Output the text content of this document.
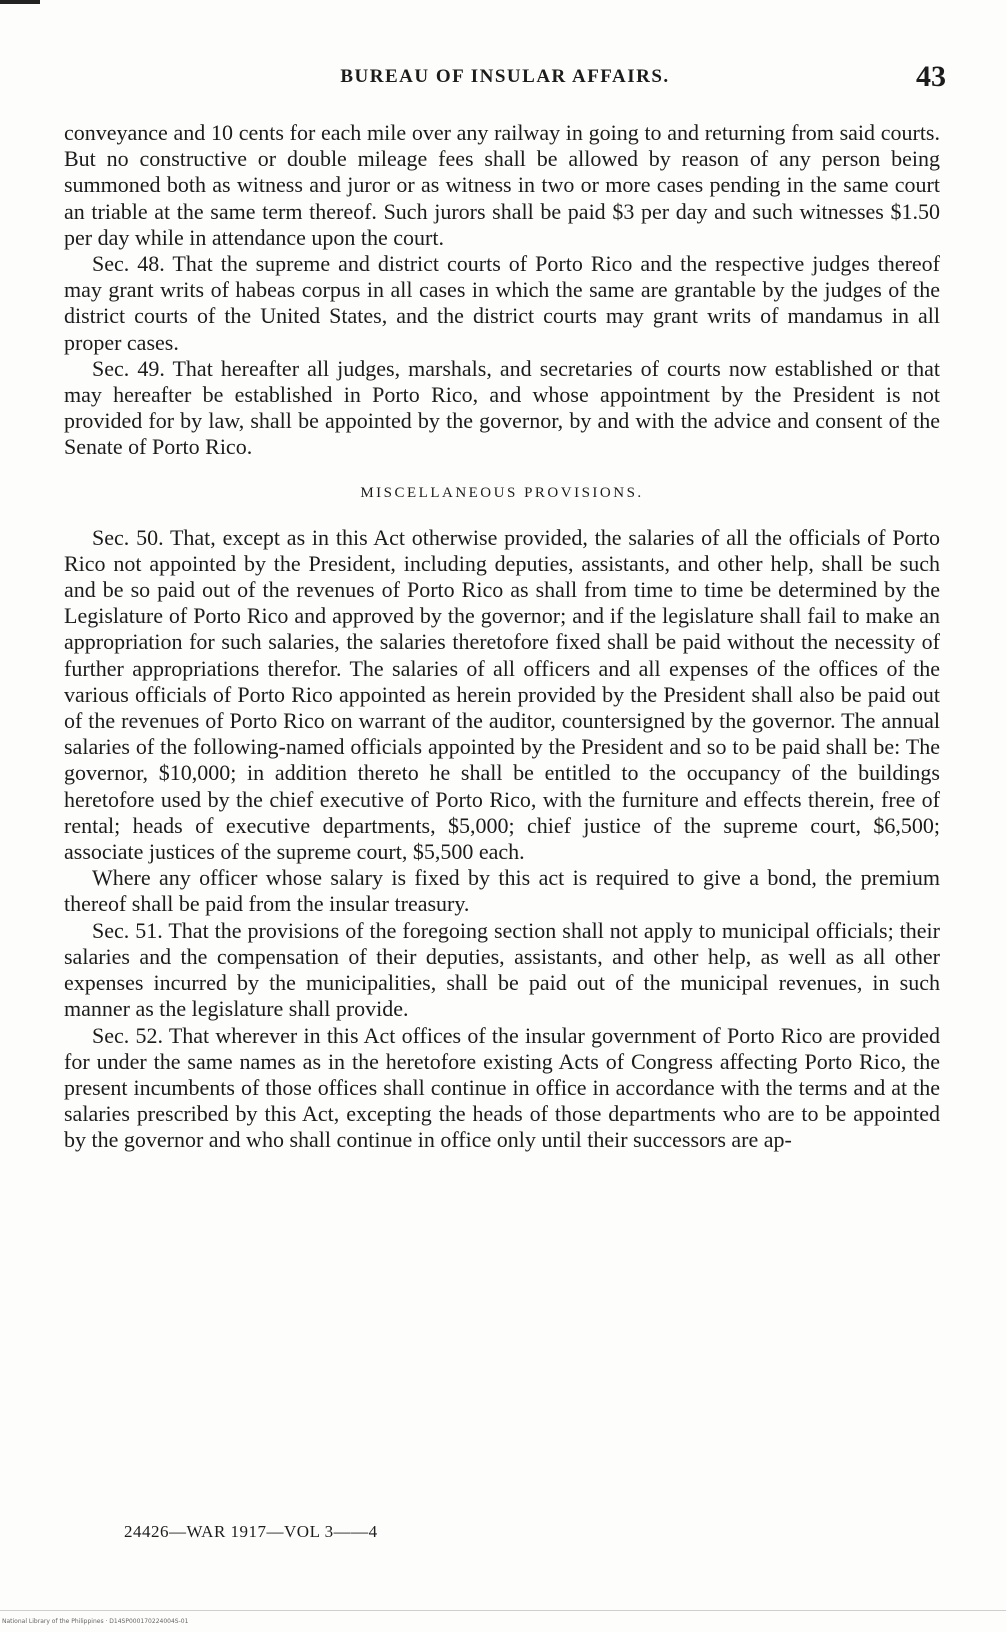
BUREAU OF INSULAR AFFAIRS.	43

conveyance and 10 cents for each mile over any railway in going to and returning from said courts. But no constructive or double mileage fees shall be allowed by reason of any person being summoned both as witness and juror or as witness in two or more cases pending in the same court an triable at the same term thereof. Such jurors shall be paid $3 per day and such witnesses $1.50 per day while in attendance upon the court.

Sec. 48. That the supreme and district courts of Porto Rico and the respective judges thereof may grant writs of habeas corpus in all cases in which the same are grantable by the judges of the district courts of the United States, and the district courts may grant writs of mandamus in all proper cases.

Sec. 49. That hereafter all judges, marshals, and secretaries of courts now established or that may hereafter be established in Porto Rico, and whose appointment by the President is not provided for by law, shall be appointed by the governor, by and with the advice and consent of the Senate of Porto Rico.

MISCELLANEOUS PROVISIONS.

Sec. 50. That, except as in this Act otherwise provided, the salaries of all the officials of Porto Rico not appointed by the President, including deputies, assistants, and other help, shall be such and be so paid out of the revenues of Porto Rico as shall from time to time be determined by the Legislature of Porto Rico and approved by the governor; and if the legislature shall fail to make an appropriation for such salaries, the salaries theretofore fixed shall be paid without the necessity of further appropriations therefor. The salaries of all officers and all expenses of the offices of the various officials of Porto Rico appointed as herein provided by the President shall also be paid out of the revenues of Porto Rico on warrant of the auditor, countersigned by the governor. The annual salaries of the following-named officials appointed by the President and so to be paid shall be: The governor, $10,000; in addition thereto he shall be entitled to the occupancy of the buildings heretofore used by the chief executive of Porto Rico, with the furniture and effects therein, free of rental; heads of executive departments, $5,000; chief justice of the supreme court, $6,500; associate justices of the supreme court, $5,500 each.

Where any officer whose salary is fixed by this act is required to give a bond, the premium thereof shall be paid from the insular treasury.

Sec. 51. That the provisions of the foregoing section shall not apply to municipal officials; their salaries and the compensation of their deputies, assistants, and other help, as well as all other expenses incurred by the municipalities, shall be paid out of the municipal revenues, in such manner as the legislature shall provide.

Sec. 52. That wherever in this Act offices of the insular government of Porto Rico are provided for under the same names as in the heretofore existing Acts of Congress affecting Porto Rico, the present incumbents of those offices shall continue in office in accordance with the terms and at the salaries prescribed by this Act, excepting the heads of those departments who are to be appointed by the governor and who shall continue in office only until their successors are ap-

24426—WAR 1917—VOL 3——4
National Library of the Philippines · D14SP000170224004S-01
